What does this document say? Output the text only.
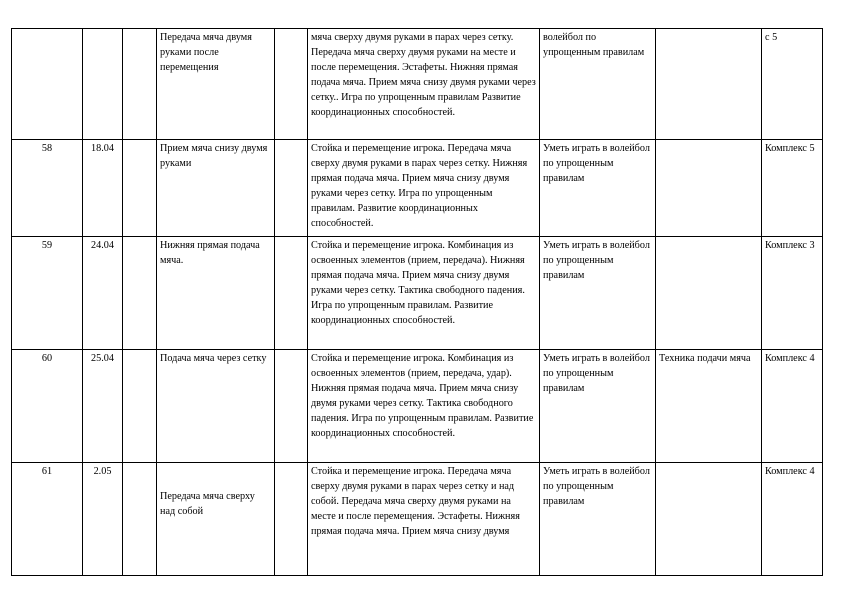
			Передача мяча двумя руками после перемещения		мяча сверху двумя руками в парах через сетку. Передача мяча сверху двумя руками на месте и после перемещения. Эстафеты. Нижняя прямая подача мяча. Прием мяча снизу двумя руками через сетку.. Игра по упрощенным правилам Развитие координационных способностей.	волейбол по упрощенным правилам		с 5
58	18.04		Прием мяча снизу двумя руками		Стойка и перемещение игрока. Передача мяча сверху двумя руками в парах через сетку. Нижняя прямая подача мяча. Прием мяча снизу двумя руками через сетку. Игра по упрощенным правилам. Развитие координационных способностей.	Уметь играть в волейбол по упрощенным правилам		Комплекс 5
59	24.04		Нижняя прямая подача мяча.		Стойка и перемещение игрока. Комбинация из освоенных элементов (прием, передача). Нижняя прямая подача мяча. Прием мяча снизу двумя руками через сетку. Тактика свободного падения. Игра по упрощенным правилам. Развитие координационных способностей.	Уметь играть в волейбол по упрощенным правилам		Комплекс 3
60	25.04		Подача мяча через сетку		Стойка и перемещение игрока. Комбинация из освоенных элементов (прием, передача, удар). Нижняя прямая подача мяча. Прием мяча снизу двумя руками через сетку. Тактика свободного падения. Игра по упрощенным правилам. Развитие координационных способностей.	Уметь играть в волейбол по упрощенным правилам	Техника подачи мяча	Комплекс 4
61	2.05		Передача мяча сверху над собой		Стойка и перемещение игрока. Передача мяча сверху двумя руками в парах через сетку и над собой. Передача мяча сверху двумя руками на месте и после перемещения. Эстафеты. Нижняя прямая подача мяча. Прием мяча снизу двумя	Уметь играть в волейбол по упрощенным правилам		Комплекс 4
